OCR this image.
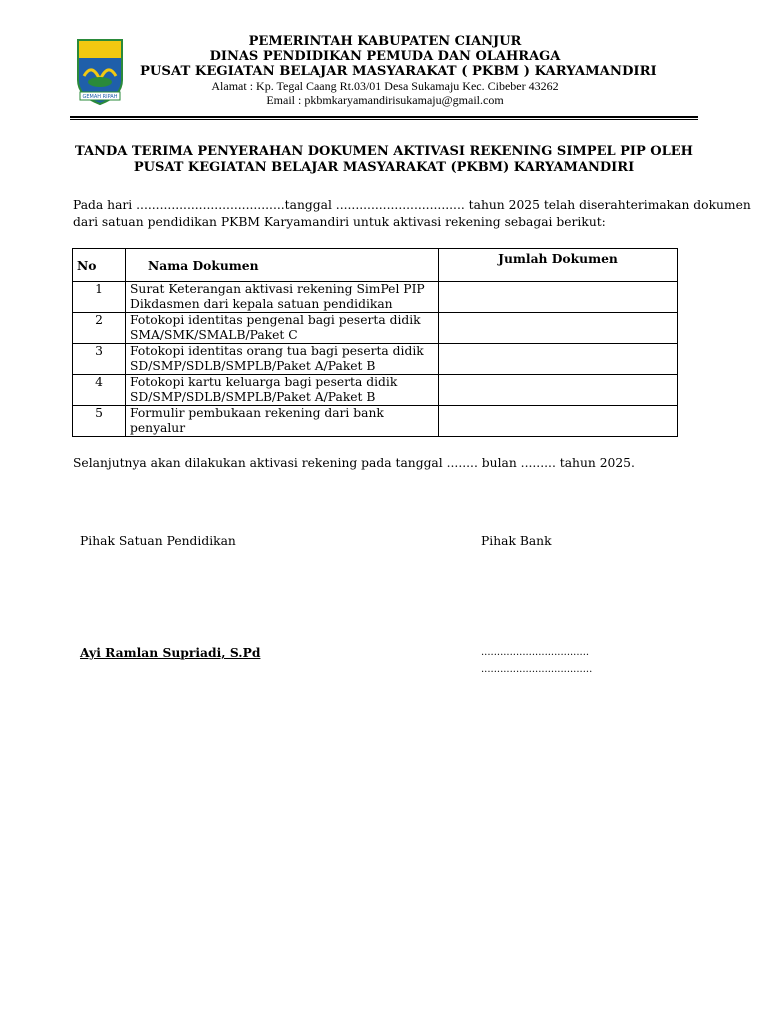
GEMAH RIPAH
PEMERINTAH KABUPATEN CIANJUR
DINAS PENDIDIKAN PEMUDA DAN OLAHRAGA
PUSAT KEGIATAN BELAJAR MASYARAKAT ( PKBM ) KARYAMANDIRI
Alamat : Kp. Tegal Caang Rt.03/01 Desa Sukamaju Kec. Cibeber 43262
Email : pkbmkaryamandirisukamaju@gmail.com
TANDA TERIMA PENYERAHAN DOKUMEN AKTIVASI REKENING SIMPEL PIP OLEH
PUSAT KEGIATAN BELAJAR MASYARAKAT (PKBM) KARYAMANDIRI
Pada hari ......................................tanggal ................................. tahun 2025 telah diserahterimakan dokumen
dari satuan pendidikan PKBM Karyamandiri untuk aktivasi rekening sebagai berikut:
No	Nama Dokumen	Jumlah Dokumen
1	Surat Keterangan aktivasi rekening SimPel PIP
Dikdasmen dari kepala satuan pendidikan	

2	Fotokopi identitas pengenal bagi peserta didik
SMA/SMK/SMALB/Paket C	

3	Fotokopi identitas orang tua bagi peserta didik
SD/SMP/SDLB/SMPLB/Paket A/Paket B	

4	Fotokopi kartu keluarga bagi peserta didik
SD/SMP/SDLB/SMPLB/Paket A/Paket B	

5	Formulir pembukaan rekening dari bank
penyalur	

Selanjutnya akan dilakukan aktivasi rekening pada tanggal ........ bulan ......... tahun 2025.
Pihak Satuan Pendidikan	Pihak Bank
Ayi Ramlan Supriadi, S.Pd	..................................
...................................
